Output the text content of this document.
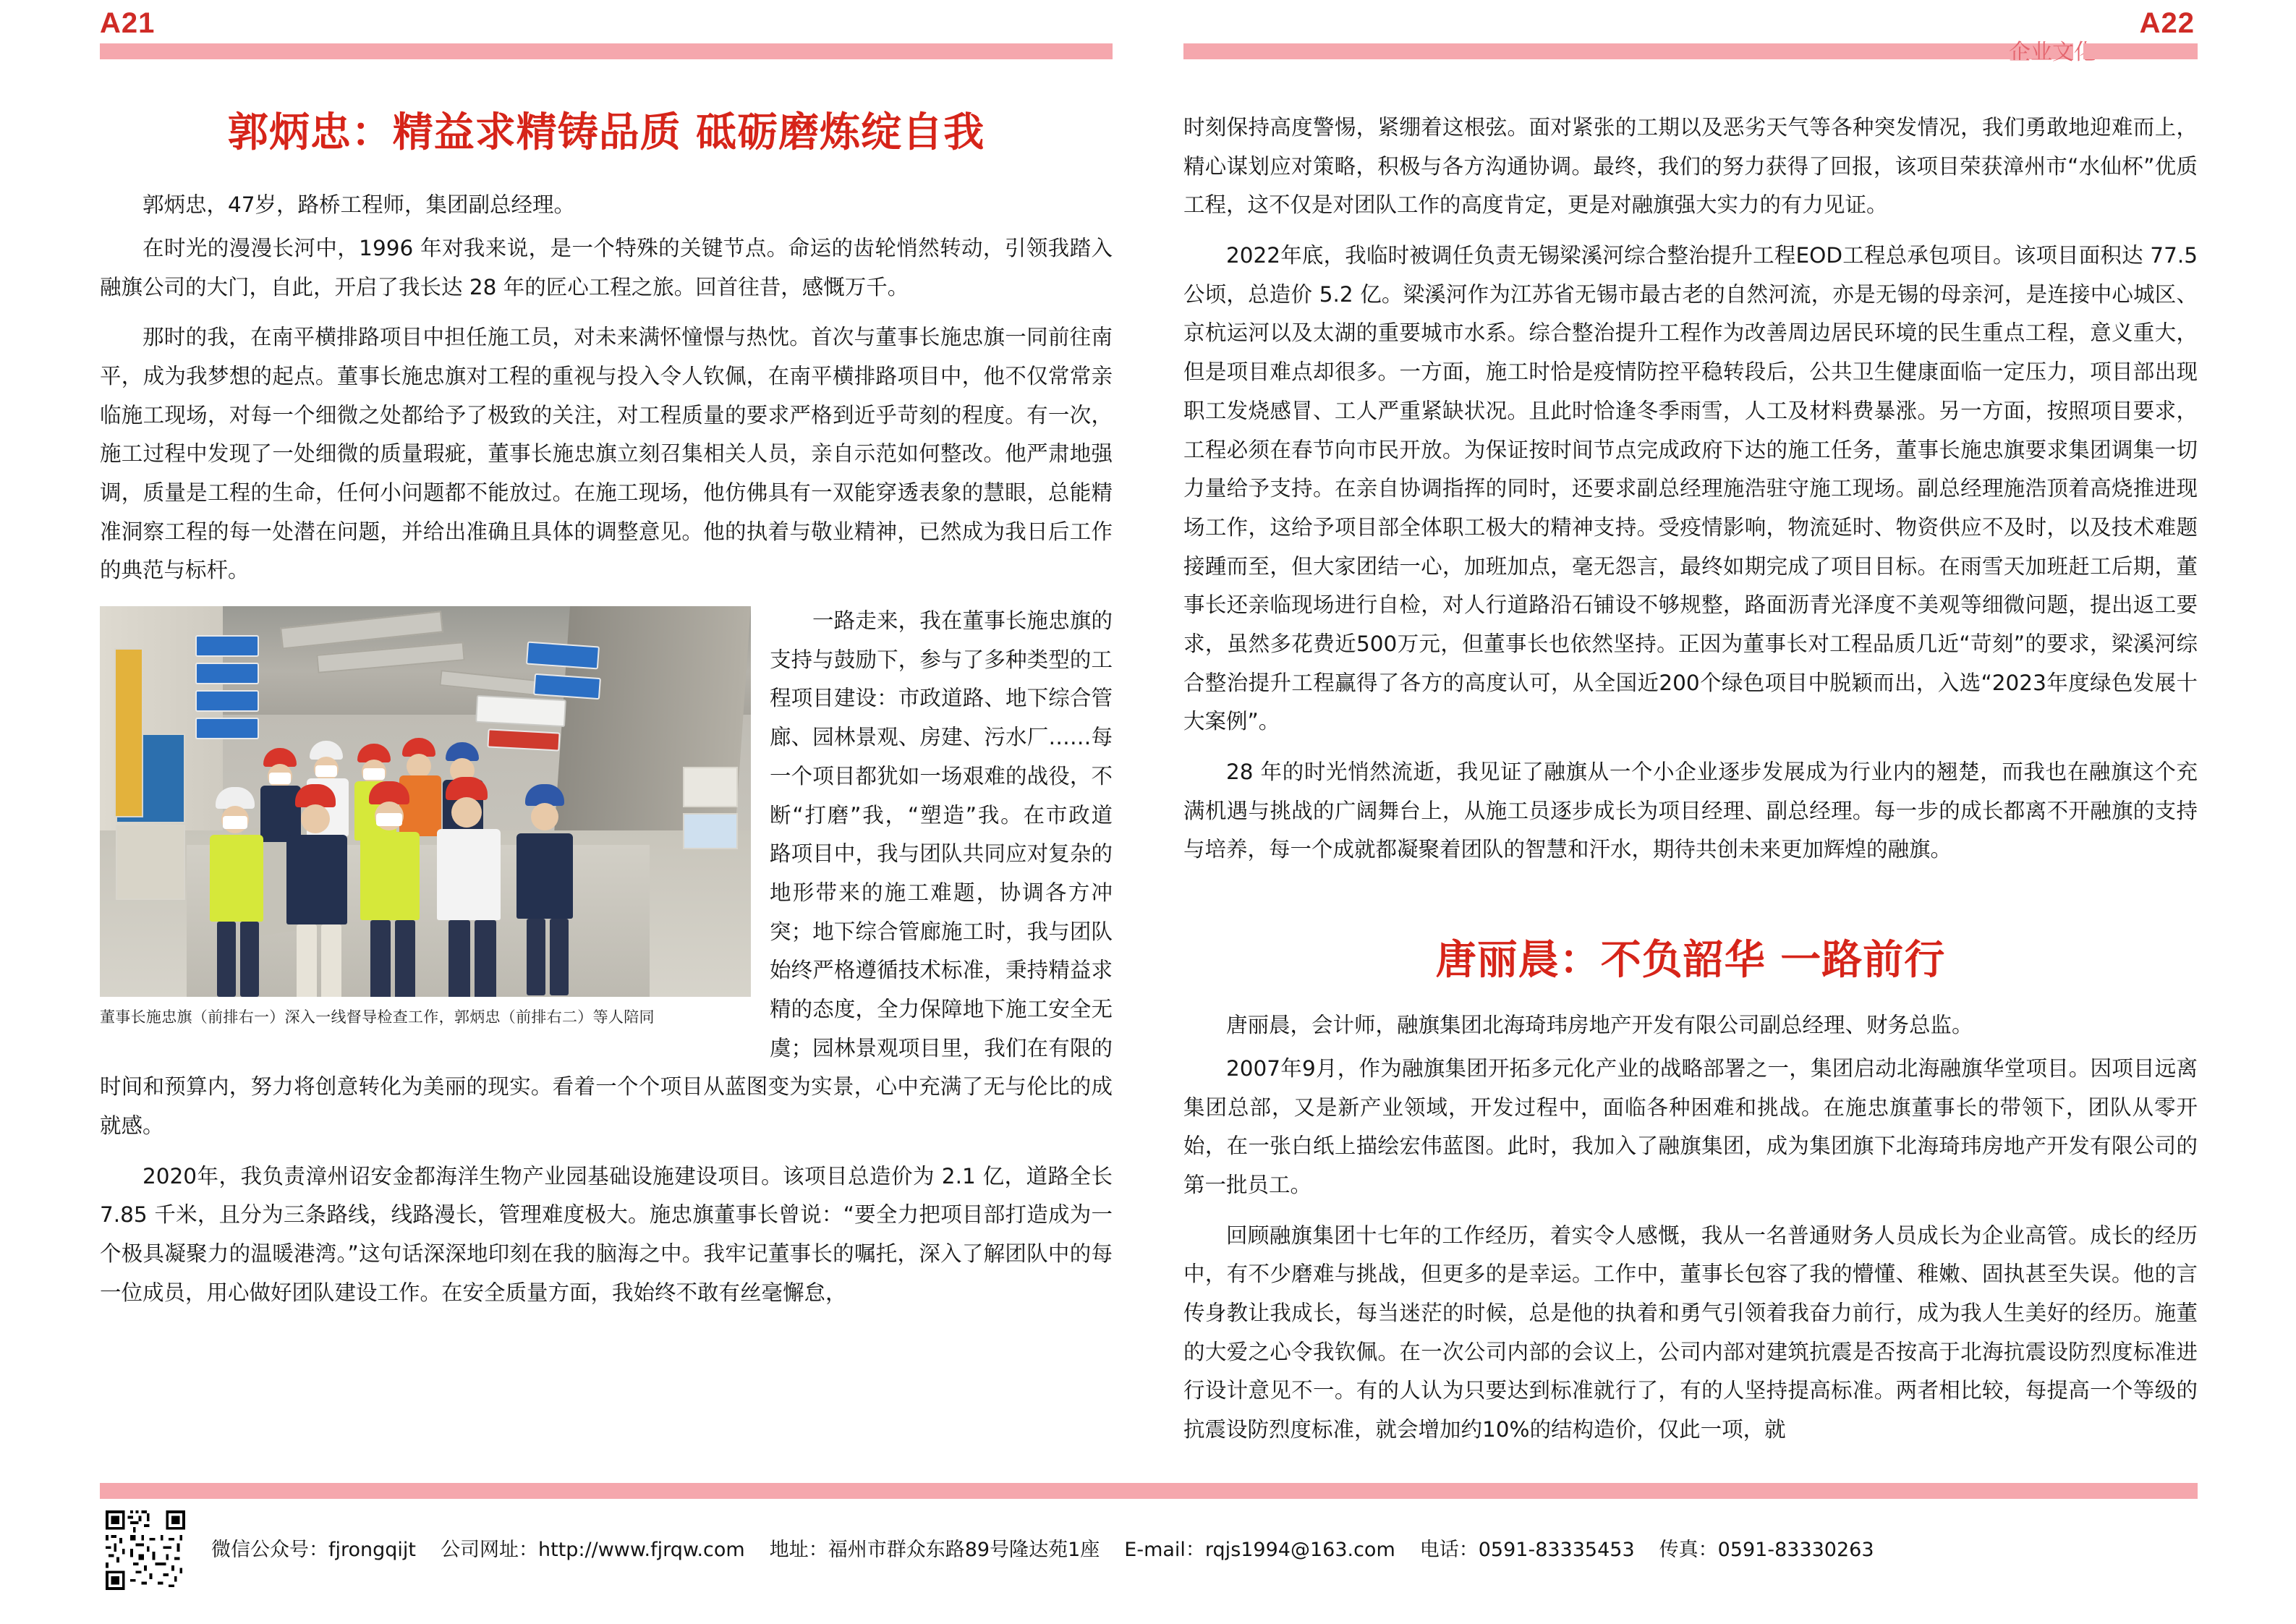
A21	A22
郭炳忠：精益求精铸品质 砥砺磨炼绽自我

郭炳忠，47岁，路桥工程师，集团副总经理。

在时光的漫漫长河中，1996 年对我来说，是一个特殊的关键节点。命运的齿轮悄然转动，引领我踏入融旗公司的大门，自此，开启了我长达 28 年的匠心工程之旅。回首往昔，感慨万千。

那时的我，在南平横排路项目中担任施工员，对未来满怀憧憬与热忱。首次与董事长施忠旗一同前往南平，成为我梦想的起点。董事长施忠旗对工程的重视与投入令人钦佩，在南平横排路项目中，他不仅常常亲临施工现场，对每一个细微之处都给予了极致的关注，对工程质量的要求严格到近乎苛刻的程度。有一次，施工过程中发现了一处细微的质量瑕疵，董事长施忠旗立刻召集相关人员，亲自示范如何整改。他严肃地强调，质量是工程的生命，任何小问题都不能放过。在施工现场，他仿佛具有一双能穿透表象的慧眼，总能精准洞察工程的每一处潜在问题，并给出准确且具体的调整意见。他的执着与敬业精神，已然成为我日后工作的典范与标杆。

董事长施忠旗（前排右一）深入一线督导检查工作，郭炳忠（前排右二）等人陪同

一路走来，我在董事长施忠旗的支持与鼓励下，参与了多种类型的工程项目建设：市政道路、地下综合管廊、园林景观、房建、污水厂……每一个项目都犹如一场艰难的战役，不断“打磨”我，“塑造”我。在市政道路项目中，我与团队共同应对复杂的地形带来的施工难题，协调各方冲突；地下综合管廊施工时，我与团队始终严格遵循技术标准，秉持精益求精的态度，全力保障地下施工安全无虞；园林景观项目里，我们在有限的时间和预算内，努力将创意转化为美丽的现实。看着一个个项目从蓝图变为实景，心中充满了无与伦比的成就感。

2020年，我负责漳州诏安金都海洋生物产业园基础设施建设项目。该项目总造价为 2.1 亿，道路全长 7.85 千米，且分为三条路线，线路漫长，管理难度极大。施忠旗董事长曾说：“要全力把项目部打造成为一个极具凝聚力的温暖港湾。”这句话深深地印刻在我的脑海之中。我牢记董事长的嘱托，深入了解团队中的每一位成员，用心做好团队建设工作。在安全质量方面，我始终不敢有丝毫懈怠，

时刻保持高度警惕，紧绷着这根弦。面对紧张的工期以及恶劣天气等各种突发情况，我们勇敢地迎难而上，精心谋划应对策略，积极与各方沟通协调。最终，我们的努力获得了回报，该项目荣获漳州市“水仙杯”优质工程，这不仅是对团队工作的高度肯定，更是对融旗强大实力的有力见证。

2022年底，我临时被调任负责无锡梁溪河综合整治提升工程EOD工程总承包项目。该项目面积达 77.5 公顷，总造价 5.2 亿。梁溪河作为江苏省无锡市最古老的自然河流，亦是无锡的母亲河，是连接中心城区、京杭运河以及太湖的重要城市水系。综合整治提升工程作为改善周边居民环境的民生重点工程，意义重大，但是项目难点却很多。一方面，施工时恰是疫情防控平稳转段后，公共卫生健康面临一定压力，项目部出现职工发烧感冒、工人严重紧缺状况。且此时恰逢冬季雨雪，人工及材料费暴涨。另一方面，按照项目要求，工程必须在春节向市民开放。为保证按时间节点完成政府下达的施工任务，董事长施忠旗要求集团调集一切力量给予支持。在亲自协调指挥的同时，还要求副总经理施浩驻守施工现场。副总经理施浩顶着高烧推进现场工作，这给予项目部全体职工极大的精神支持。受疫情影响，物流延时、物资供应不及时，以及技术难题接踵而至，但大家团结一心，加班加点，毫无怨言，最终如期完成了项目目标。在雨雪天加班赶工后期，董事长还亲临现场进行自检，对人行道路沿石铺设不够规整，路面沥青光泽度不美观等细微问题，提出返工要求，虽然多花费近500万元，但董事长也依然坚持。正因为董事长对工程品质几近“苛刻”的要求，梁溪河综合整治提升工程赢得了各方的高度认可，从全国近200个绿色项目中脱颖而出，入选“2023年度绿色发展十大案例”。

28 年的时光悄然流逝，我见证了融旗从一个小企业逐步发展成为行业内的翘楚，而我也在融旗这个充满机遇与挑战的广阔舞台上，从施工员逐步成长为项目经理、副总经理。每一步的成长都离不开融旗的支持与培养，每一个成就都凝聚着团队的智慧和汗水，期待共创未来更加辉煌的融旗。

唐丽晨：不负韶华 一路前行

唐丽晨，会计师，融旗集团北海琦玮房地产开发有限公司副总经理、财务总监。

2007年9月，作为融旗集团开拓多元化产业的战略部署之一，集团启动北海融旗华堂项目。因项目远离集团总部，又是新产业领域，开发过程中，面临各种困难和挑战。在施忠旗董事长的带领下，团队从零开始，在一张白纸上描绘宏伟蓝图。此时，我加入了融旗集团，成为集团旗下北海琦玮房地产开发有限公司的第一批员工。

回顾融旗集团十七年的工作经历，着实令人感慨，我从一名普通财务人员成长为企业高管。成长的经历中，有不少磨难与挑战，但更多的是幸运。工作中，董事长包容了我的懵懂、稚嫩、固执甚至失误。他的言传身教让我成长，每当迷茫的时候，总是他的执着和勇气引领着我奋力前行，成为我人生美好的经历。施董的大爱之心令我钦佩。在一次公司内部的会议上，公司内部对建筑抗震是否按高于北海抗震设防烈度标准进行设计意见不一。有的人认为只要达到标准就行了，有的人坚持提高标准。两者相比较，每提高一个等级的抗震设防烈度标准，就会增加约10%的结构造价，仅此一项，就

微信公众号：fjrongqijt 公司网址：http://www.fjrqw.com 地址：福州市群众东路89号隆达苑1座 E-mail：rqjs1994@163.com 电话：0591-83335453 传真：0591-83330263
